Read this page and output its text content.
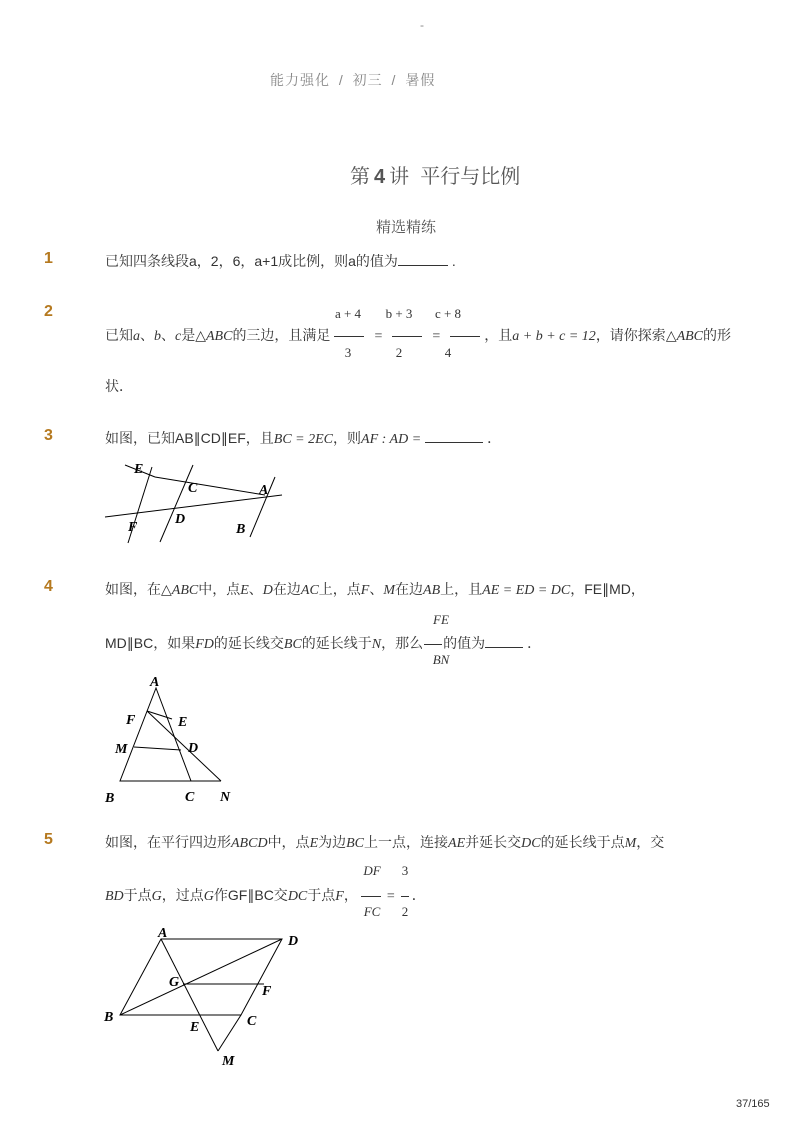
-
能力强化 / 初三 / 暑假
第 4 讲  平行与比例
精选精练
1	已知四条线段a，2，6，a+1成比例，则a的值为	.
2	a + 4	b + 3	c + 8
已知a、b、c是△ABC的三边，且满足	=	=	，且a + b + c = 12，请你探索△ABC的形
3	2	4
状．
3	如图，已知AB∥CD∥EF，且BC = 2EC，则AF : AD =	．
E
C	A
F
D
B
4	如图，在△ABC中，点E、D在边AC上，点F、M在边AB上，且AE = ED = DC，FE∥MD，
FE
MD∥BC，如果FD的延长线交BC的延长线于N，那么 的值为	．
BN
A
F	E
M	D
B	C N
5	如图，在平行四边形ABCD中，点E为边BC上一点，连接AE并延长交DC的延长线于点M，交
DF	3
BD于点G，过点G作GF∥BC交DC于点F， = ．
FC	2
A
D
G
F
B
E	C
M
37/165
